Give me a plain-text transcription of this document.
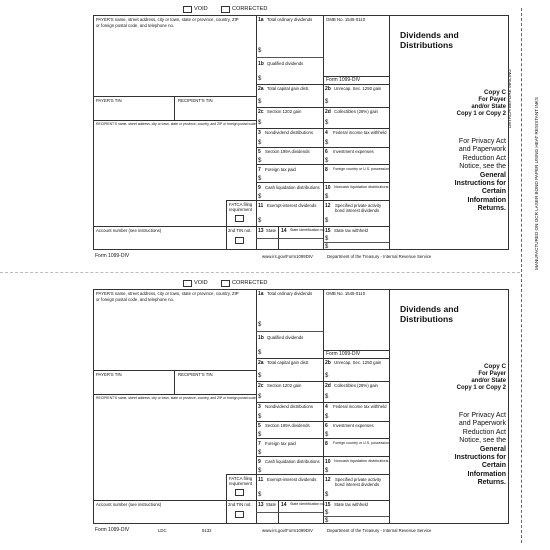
DETACH BEFORE MAILING	MANUFACTURED ON OCR LASER BOND PAPER USING HEAT RESISTANT INKS
VOID	CORRECTED
PAYER'S name, street address, city or town, state or province, country, ZIP
or foreign postal code, and telephone no.
PAYER'S TIN	RECIPIENT'S TIN
RECIPIENT'S name, street address, city or town, state or province, country, and ZIP or foreign postal code
FATCA filing
requirement
Account number (see instructions)	2nd TIN not.
1a Total ordinary dividends
$
1b Qualified dividends
$
2a Total capital gain distr.
$
2b Unrecap. Sec. 1250 gain
$
2c Section 1202 gain
$
2d Collectibles (28%) gain
$
3 Nondividend distributions
$
4 Federal income tax withheld
$
5 Section 199A dividends
$
6 Investment expenses
$
7 Foreign tax paid
$
8 Foreign country or U.S. possession
9 Cash liquidation distributions
$
10 Noncash liquidation distributions
$
11 Exempt-interest dividends
$
12 Specified private activity
bond interest dividends
$
13 State 14 State identification no. 15 State tax withheld
$
$
OMB No. 1545-0110
Form 1099-DIV
Dividends and
Distributions
Copy C
For Payer
and/or State
Copy 1 or Copy 2
For Privacy Act
and Paperwork
Reduction Act
Notice, see the
General
Instructions for
Certain
Information
Returns.
Form 1099-DIV	www.irs.gov/Form1099DIV	Department of the Treasury - Internal Revenue Service
VOID	CORRECTED
PAYER'S name, street address, city or town, state or province, country, ZIP
or foreign postal code, and telephone no.
PAYER'S TIN	RECIPIENT'S TIN
RECIPIENT'S name, street address, city or town, state or province, country, and ZIP or foreign postal code
FATCA filing
requirement
Account number (see instructions)	2nd TIN not.
1a Total ordinary dividends
$
1b Qualified dividends
$
2a Total capital gain distr.
$
2b Unrecap. Sec. 1250 gain
$
2c Section 1202 gain
$
2d Collectibles (28%) gain
$
3 Nondividend distributions
$
4 Federal income tax withheld
$
5 Section 199A dividends
$
6 Investment expenses
$
7 Foreign tax paid
$
8 Foreign country or U.S. possession
9 Cash liquidation distributions
$
10 Noncash liquidation distributions
$
11 Exempt-interest dividends
$
12 Specified private activity
bond interest dividends
$
13 State 14 State identification no. 15 State tax withheld
$
$
OMB No. 1545-0110
Form 1099-DIV
Dividends and
Distributions
Copy C
For Payer
and/or State
Copy 1 or Copy 2
For Privacy Act
and Paperwork
Reduction Act
Notice, see the
General
Instructions for
Certain
Information
Returns.
Form 1099-DIV	LDC	5132	www.irs.gov/Form1099DIV	Department of the Treasury - Internal Revenue Service
